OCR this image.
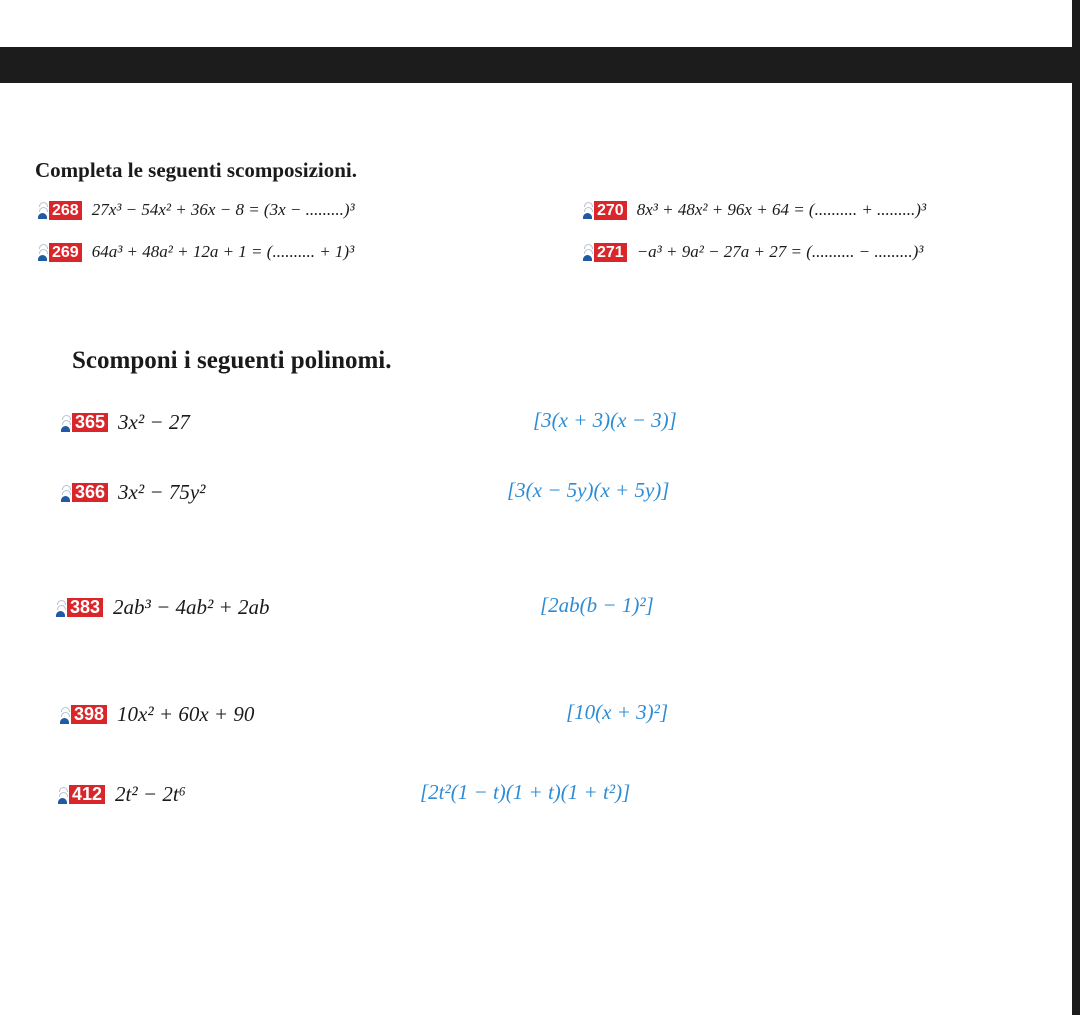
Completa le seguenti scomposizioni.
268 27x³ − 54x² + 36x − 8 = (3x − .........)³
269 64a³ + 48a² + 12a + 1 = (.......... + 1)³
270 8x³ + 48x² + 96x + 64 = (.......... + .........)³
271 −a³ + 9a² − 27a + 27 = (.......... − .........)³
Scomponi i seguenti polinomi.
365 3x² − 27	[3(x + 3)(x − 3)]
366 3x² − 75y²	[3(x − 5y)(x + 5y)]
383 2ab³ − 4ab² + 2ab	[2ab(b − 1)²]
398 10x² + 60x + 90	[10(x + 3)²]
412 2t² − 2t⁶	[2t²(1 − t)(1 + t)(1 + t²)]
